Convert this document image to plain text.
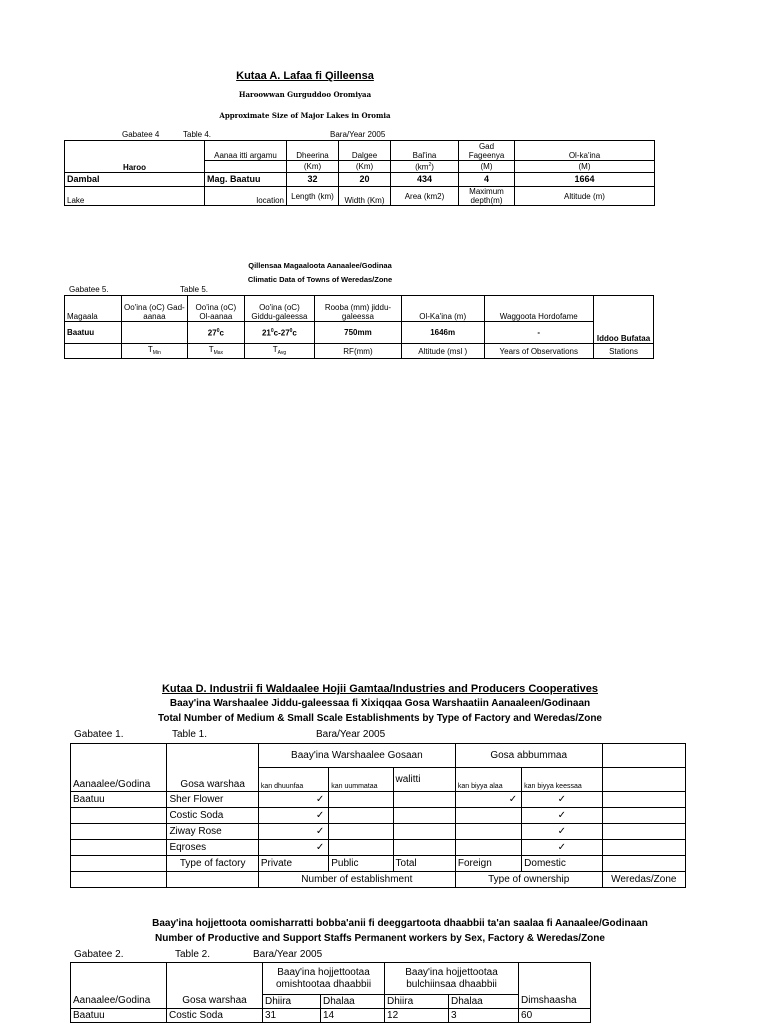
Kutaa A. Lafaa fi Qilleensa
Haroowwan Gurguddoo Oromiyaa
Approximate Size of Major Lakes in Oromia
Gabatee 4	Table 4.	Bara/Year 2005
Haroo	Aanaa itti argamu	Dheerina	Dalgee	Bal'ina	Gad Fageenya	Ol-ka'ina
		(Km)	(Km)	$(km^2)$	(M)	(M)
Dambal	Mag. Baatuu	32	20	434	4	1664
Lake	location	Length (km)	Width (Km)	Area (km2)	Maximum depth(m)	Altitude (m)
Qillensaa Magaaloota Aanaalee/Godinaa
Climatic Data of Towns of Weredas/Zone
Gabatee 5.	Table 5.
Magaala	Oo'ina (oC) Gad-aanaa	Oo'ina (oC) Ol-aanaa	Oo'ina (oC) Giddu-galeessa	Rooba (mm) jiddu-galeessa	Ol-Ka'ina (m)	Waggoota Hordofame	Iddoo Bufataa
Baatuu		$27^0c$	$21^0c-27^0c$	750mm	1646m	-	
	$T_{Min}$	$T_{Max}$	$T_{Avg}$	RF(mm)	Altitude (msl )	Years of Observations	Stations
Kutaa D. Industrii fi Waldaalee Hojii Gamtaa/Industries and Producers Cooperatives
Baay'ina Warshaalee Jiddu-galeessaa fi Xixiqqaa Gosa Warshaatiin Aanaaleen/Godinaan
Total Number of Medium & Small Scale Establishments by Type of Factory and Weredas/Zone
Gabatee 1.	Table 1.	Bara/Year 2005
		Baay'ina Warshaalee Gosaan			Gosa abbummaa		
Aanaalee/Godina	Gosa warshaa	kan dhuunfaa	kan uummataa	walitti	kan biyya alaa	kan biyya keessaa	
Baatuu	Sher Flower	✓			✓	✓	
	Costic Soda	✓				✓	
	Ziway Rose	✓				✓	
	Eqroses	✓				✓	
	Type of factory	Private	Public	Total	Foreign	Domestic	
		Number of establishment			Type of ownership		Weredas/Zone
Baay'ina hojjettoota oomisharratti bobba'anii fi deeggartoota dhaabbii ta'an saalaa fi Aanaalee/Godinaan
Number of Productive and Support Staffs Permanent workers by Sex, Factory & Weredas/Zone
Gabatee 2.	Table 2.	Bara/Year 2005
		Baay'ina hojjettootaa omishtootaa dhaabbii		Baay'ina hojjettootaa bulchiinsaa dhaabbii		
Aanaalee/Godina	Gosa warshaa	Dhiira	Dhalaa	Dhiira	Dhalaa	Dimshaasha
Baatuu	Costic Soda	31	14	12	3	60
